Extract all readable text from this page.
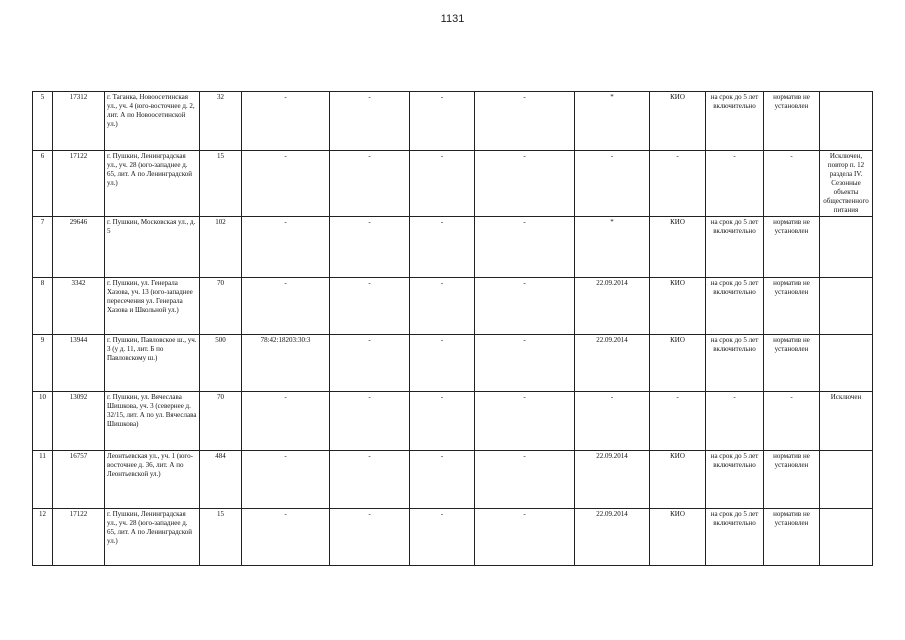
1131
5	17312	г. Таганка, Новоосетинская ул., уч. 4 (юго-восточнее д. 2, лит. А по Новоосетинской ул.)	32	-	-	-	-	*	КИО	на срок до 5 лет включительно	норматив не установлен	
6	17122	г. Пушкин, Ленинградская ул., уч. 28 (юго-западнее д. 65, лит. А по Ленинградской ул.)	15	-	-	-	-	-	-	-	-	Исключен, повтор п. 12 раздела IV. Сезонные объекты общественного питания
7	29646	г. Пушкин, Московская ул., д. 5	102	-	-	-	-	*	КИО	на срок до 5 лет включительно	норматив не установлен	
8	3342	г. Пушкин, ул. Генерала Хазова, уч. 13 (юго-западнее пересечения ул. Генерала Хазова и Школьной ул.)	70	-	-	-	-	22.09.2014	КИО	на срок до 5 лет включительно	норматив не установлен	
9	13944	г. Пушкин, Павловское ш., уч. 3 (у д. 11, лит. Б по Павловскому ш.)	500	78:42:18203:30:3	-	-	-	22.09.2014	КИО	на срок до 5 лет включительно	норматив не установлен	
10	13092	г. Пушкин, ул. Вячеслава Шишкова, уч. 3 (севернее д. 32/15, лит. А по ул. Вячеслава Шишкова)	70	-	-	-	-	-	-	-	-	Исключен
11	16757	Леонтьевская ул., уч. 1 (юго-восточнее д. 36, лит. А по Леонтьевской ул.)	484	-	-	-	-	22.09.2014	КИО	на срок до 5 лет включительно	норматив не установлен	
12	17122	г. Пушкин, Ленинградская ул., уч. 28 (юго-западнее д. 65, лит. А по Ленинградской ул.)	15	-	-	-	-	22.09.2014	КИО	на срок до 5 лет включительно	норматив не установлен	
